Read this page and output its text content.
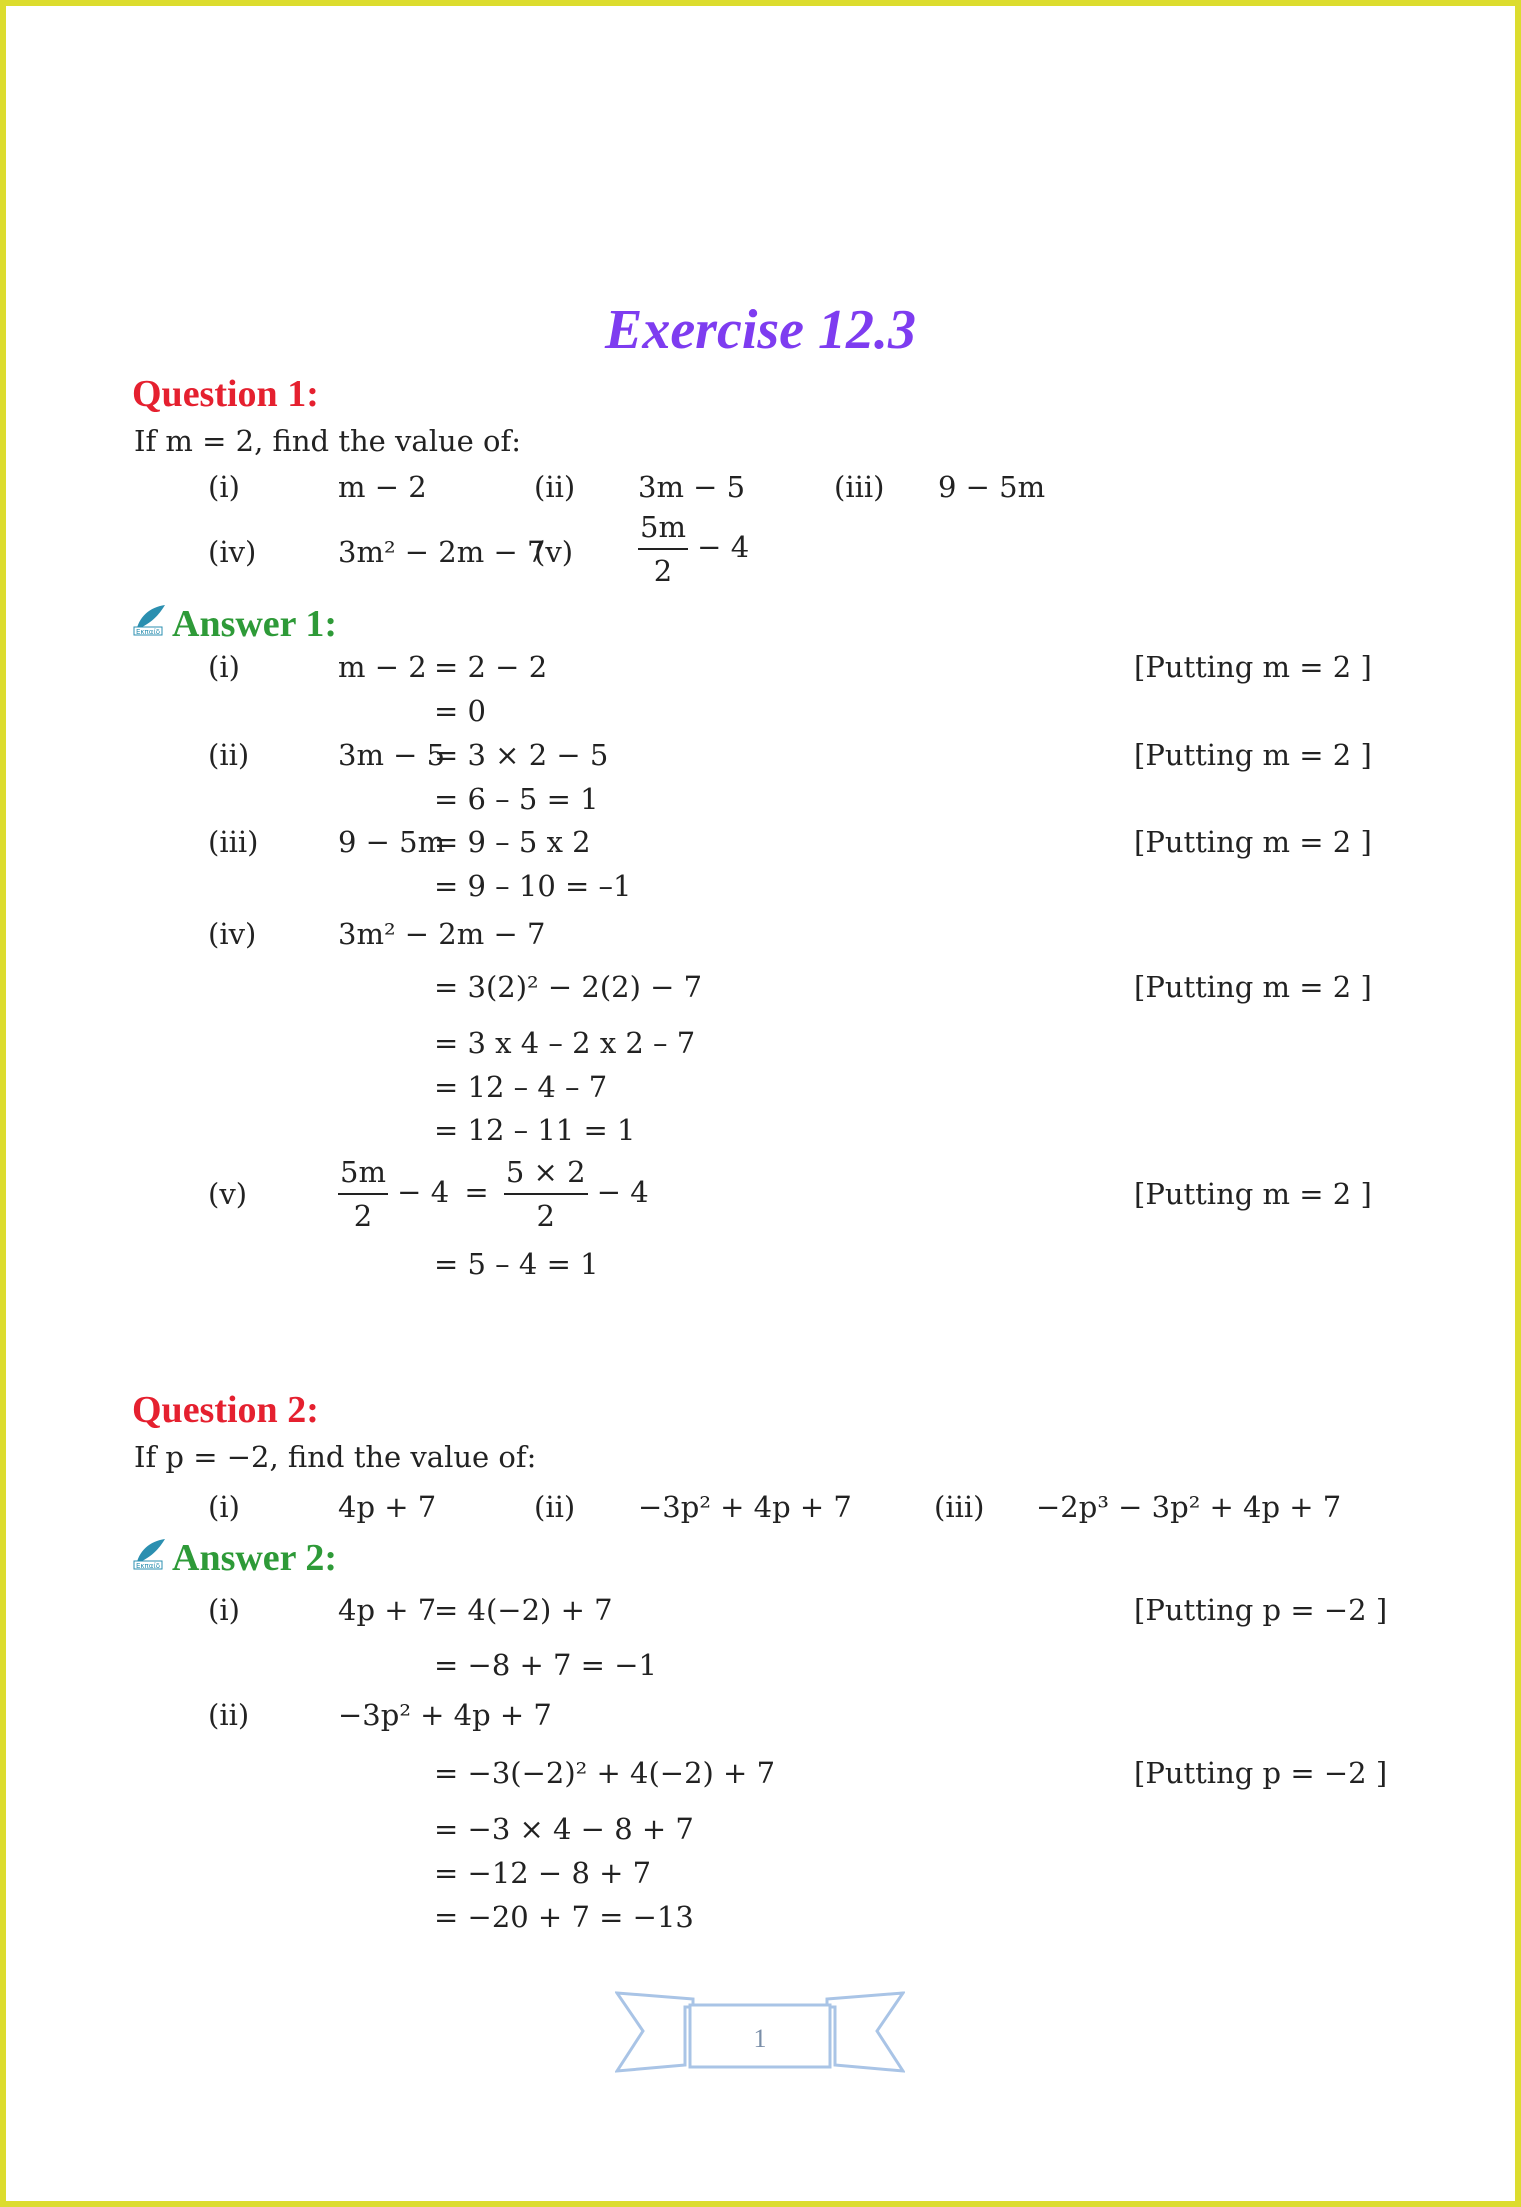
Exercise 12.3
Question 1:
If m = 2, find the value of:
(i)	m − 2	(ii) 3m − 5	(iii) 9 − 5m
(iv)	3m² − 2m − 7
$(v) \frac{5m}{2} - 4$
Εκπαίδ Answer 1:
(i)	m − 2 = 2 − 2	[Putting m = 2 ]
= 0
(ii)	3m − 5
= 3 × 2 − 5	[Putting m = 2 ]
= 6 – 5 = 1
(iii)	9 − 5m
= 9 – 5 x 2	[Putting m = 2 ]
= 9 – 10 = –1
(iv)	3m² − 2m − 7
= 3(2)² − 2(2) − 7	[Putting m = 2 ]
= 3 x 4 – 2 x 2 – 7
= 12 – 4 – 7
= 12 – 11 = 1
(v)	$\frac{5m}{2} - 4 = \frac{5 \times 2}{2} - 4$	[Putting m = 2 ]
= 5 – 4 = 1
Question 2:
If p = −2, find the value of:
(i)	4p + 7	(ii) −3p² + 4p + 7	(iii) −2p³ − 3p² + 4p + 7
Εκπαίδ Answer 2:
(i)	4p + 7
= 4(−2) + 7	[Putting p = −2 ]
= −8 + 7 = −1
(ii)	−3p² + 4p + 7
= −3(−2)² + 4(−2) + 7	[Putting p = −2 ]
= −3 × 4 − 8 + 7
= −12 − 8 + 7
= −20 + 7 = −13
1
